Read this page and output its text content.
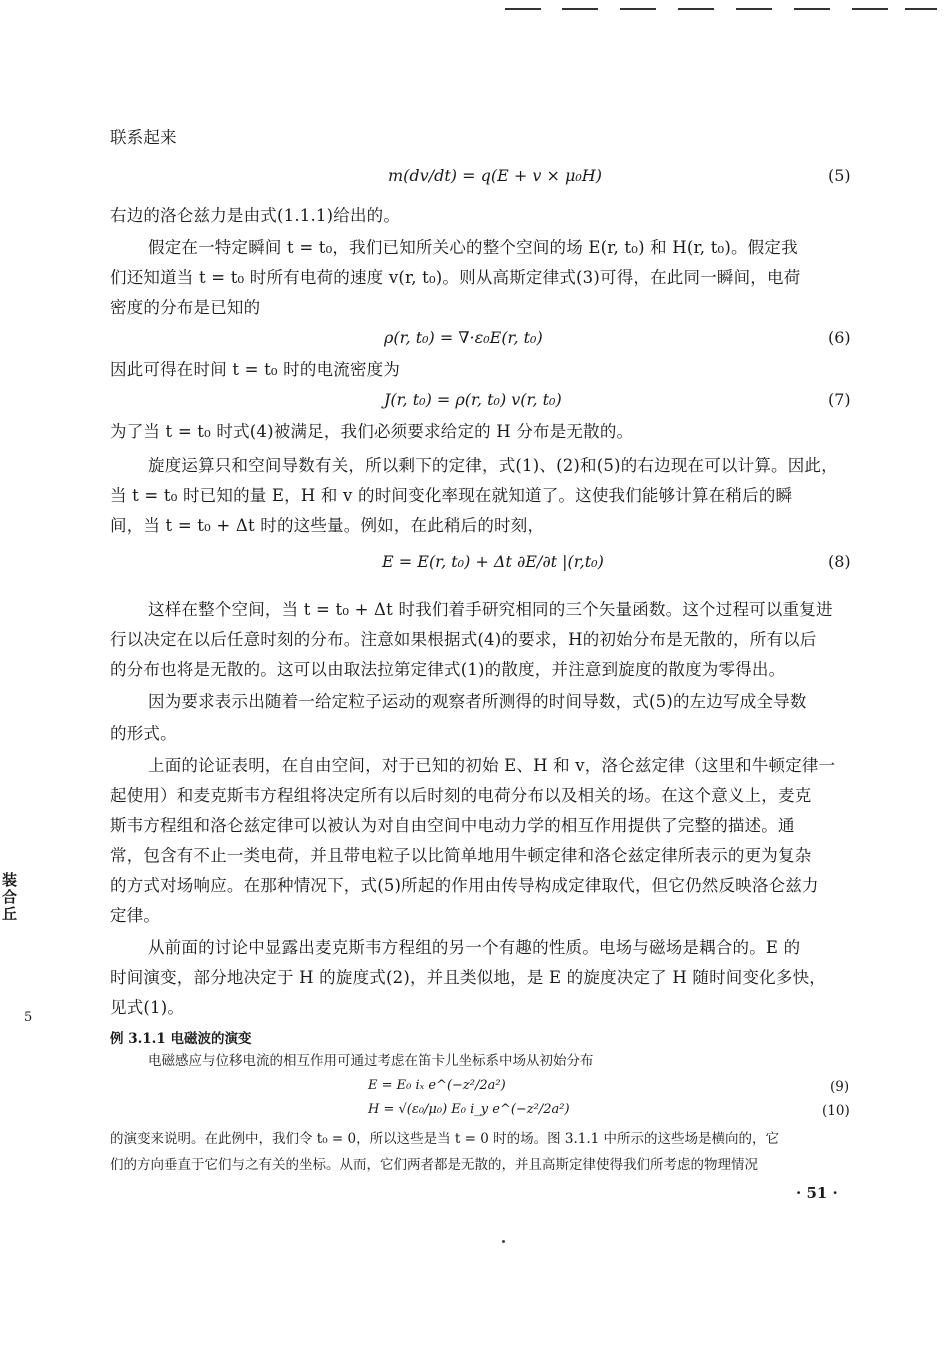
联系起来
m(dv/dt) = q(E + v × μ₀H)	(5)
右边的洛仑兹力是由式(1.1.1)给出的。
假定在一特定瞬间 t = t₀，我们已知所关心的整个空间的场 E(r, t₀) 和 H(r, t₀)。假定我
们还知道当 t = t₀ 时所有电荷的速度 v(r, t₀)。则从高斯定律式(3)可得，在此同一瞬间，电荷
密度的分布是已知的
ρ(r, t₀) = ∇·ε₀E(r, t₀)	(6)
因此可得在时间 t = t₀ 时的电流密度为
J(r, t₀) = ρ(r, t₀) v(r, t₀)	(7)
为了当 t = t₀ 时式(4)被满足，我们必须要求给定的 H 分布是无散的。
旋度运算只和空间导数有关，所以剩下的定律，式(1)、(2)和(5)的右边现在可以计算。因此，
当 t = t₀ 时已知的量 E，H 和 v 的时间变化率现在就知道了。这使我们能够计算在稍后的瞬
间，当 t = t₀ + Δt 时的这些量。例如，在此稍后的时刻，
E = E(r, t₀) + Δt ∂E/∂t |(r,t₀)	(8)
这样在整个空间，当 t = t₀ + Δt 时我们着手研究相同的三个矢量函数。这个过程可以重复进
行以决定在以后任意时刻的分布。注意如果根据式(4)的要求，H的初始分布是无散的，所有以后
的分布也将是无散的。这可以由取法拉第定律式(1)的散度，并注意到旋度的散度为零得出。
因为要求表示出随着一给定粒子运动的观察者所测得的时间导数，式(5)的左边写成全导数
的形式。
上面的论证表明，在自由空间，对于已知的初始 E、H 和 v，洛仑兹定律（这里和牛顿定律一
起使用）和麦克斯韦方程组将决定所有以后时刻的电荷分布以及相关的场。在这个意义上，麦克
斯韦方程组和洛仑兹定律可以被认为对自由空间中电动力学的相互作用提供了完整的描述。通
常，包含有不止一类电荷，并且带电粒子以比简单地用牛顿定律和洛仑兹定律所表示的更为复杂
的方式对场响应。在那种情况下，式(5)所起的作用由传导构成定律取代，但它仍然反映洛仑兹力
定律。
从前面的讨论中显露出麦克斯韦方程组的另一个有趣的性质。电场与磁场是耦合的。E 的
时间演变，部分地决定于 H 的旋度式(2)，并且类似地，是 E 的旋度决定了 H 随时间变化多快，
见式(1)。
例 3.1.1 电磁波的演变
电磁感应与位移电流的相互作用可通过考虑在笛卡儿坐标系中场从初始分布
E = E₀ iₓ e^(−z²/2a²)	(9)
H = √(ε₀/μ₀) E₀ i_y e^(−z²/2a²)	(10)
的演变来说明。在此例中，我们令 t₀ = 0，所以这些是当 t = 0 时的场。图 3.1.1 中所示的这些场是横向的，它
们的方向垂直于它们与之有关的坐标。从而，它们两者都是无散的，并且高斯定律使得我们所考虑的物理情况
· 51 ·
装
合
丘
5
